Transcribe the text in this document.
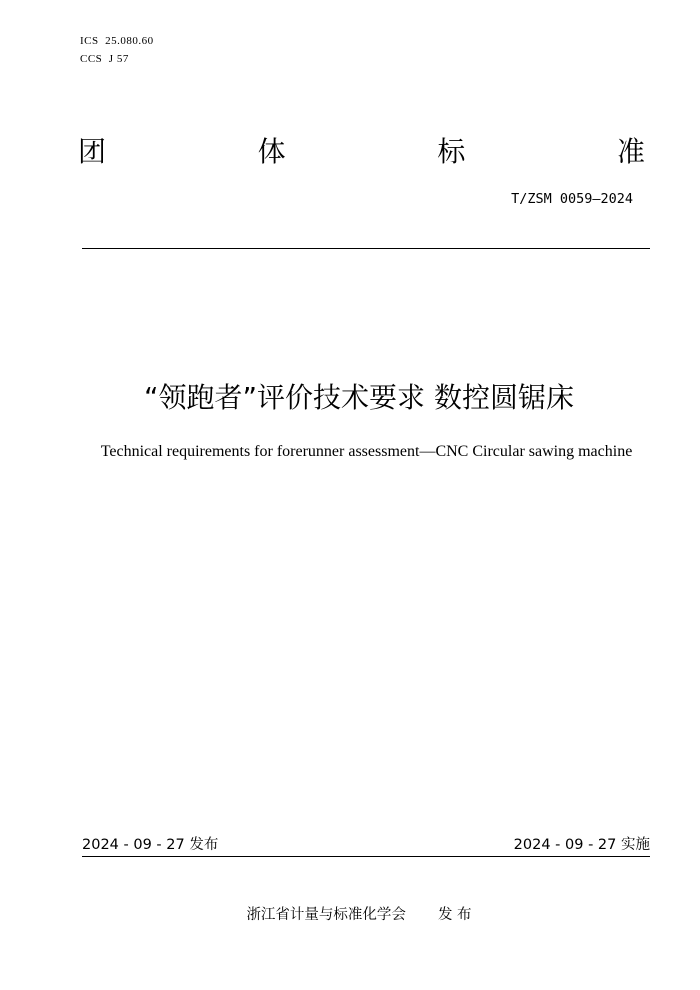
ICS  25.080.60
CCS  J 57
团	体	标	准
T/ZSM 0059—2024
“领跑者”评价技术要求 数控圆锯床
Technical requirements for forerunner assessment—CNC Circular sawing machine
2024 - 09 - 27 发布	2024 - 09 - 27 实施
浙江省计量与标准化学会 发 布
